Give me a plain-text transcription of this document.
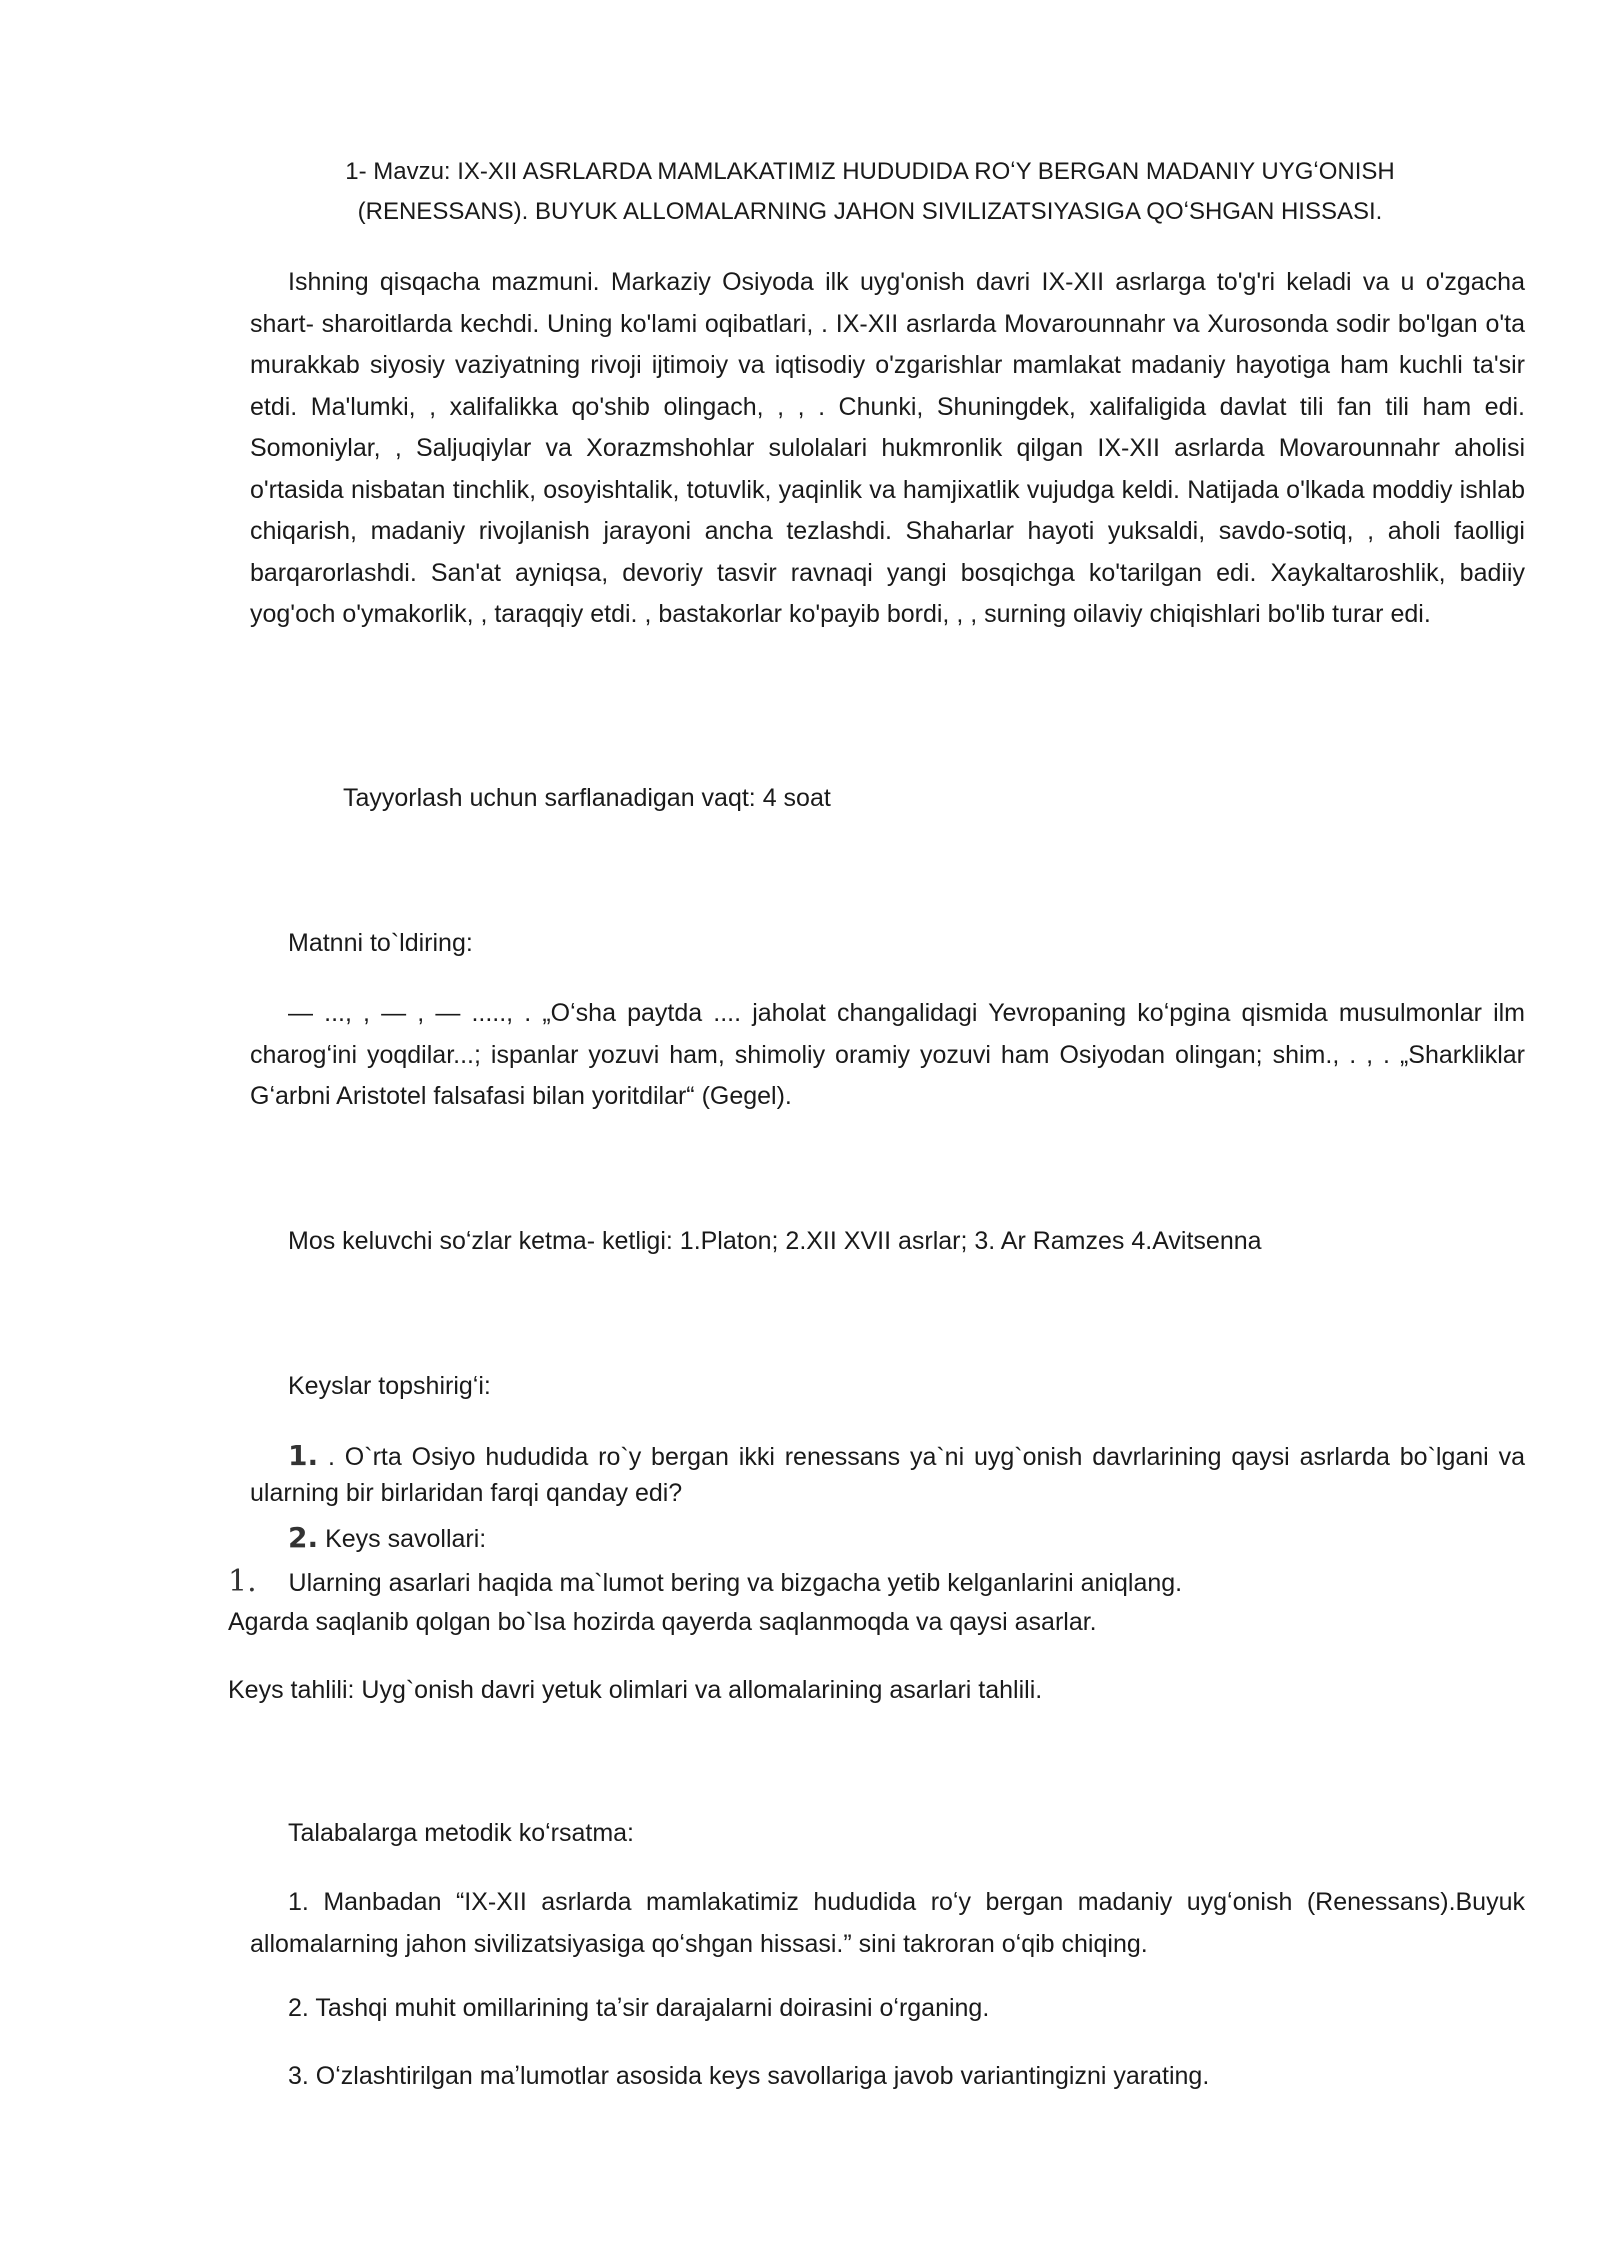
1- Mavzu: IX-XII ASRLARDA MAMLAKATIMIZ HUDUDIDA ROʻY BERGAN MADANIY UYGʻONISH
(RENESSANS). BUYUK ALLOMALARNING JAHON SIVILIZATSIYASIGA QOʻSHGAN HISSASI.
Ishning qisqacha mazmuni. Markaziy Osiyoda ilk uyg'onish davri IX-XII asrlarga to'g'ri keladi va u o'zgacha shart- sharoitlarda kechdi. Uning ko'lami oqibatlari, . IX-XII asrlarda Movarounnahr va Xurosonda sodir bo'lgan o'ta murakkab siyosiy vaziyatning rivoji ijtimoiy va iqtisodiy o'zgarishlar mamlakat madaniy hayotiga ham kuchli ta'sir etdi. Ma'lumki, , xalifalikka qo'shib olingach, , , . Chunki, Shuningdek, xalifaligida davlat tili fan tili ham edi. Somoniylar, , Saljuqiylar va Xorazmshohlar sulolalari hukmronlik qilgan IX-XII asrlarda Movarounnahr aholisi o'rtasida nisbatan tinchlik, osoyishtalik, totuvlik, yaqinlik va hamjixatlik vujudga keldi. Natijada o'lkada moddiy ishlab chiqarish, madaniy rivojlanish jarayoni ancha tezlashdi. Shaharlar hayoti yuksaldi, savdo-sotiq, , aholi faolligi barqarorlashdi. San'at ayniqsa, devoriy tasvir ravnaqi yangi bosqichga ko'tarilgan edi. Xaykaltaroshlik, badiiy yog'och o'ymakorlik, , taraqqiy etdi. , bastakorlar ko'payib bordi, , , surning oilaviy chiqishlari bo'lib turar edi.
Tayyorlash uchun sarflanadigan vaqt: 4 soat
Matnni to`ldiring:
— ..., , — , — ....., . „Oʻsha paytda .... jaholat changalidagi Yevropaning koʻpgina qismida musulmonlar ilm charogʻini yoqdilar...; ispanlar yozuvi ham, shimoliy oramiy yozuvi ham Osiyodan olingan; shim., . , . „Sharkliklar Gʻarbni Aristotel falsafasi bilan yoritdilar“ (Gegel).
Mos keluvchi soʻzlar ketma- ketligi: 1.Platon; 2.XII XVII asrlar; 3. Ar Ramzes 4.Avitsenna
Keyslar topshirigʻi:
1. . O`rta Osiyo hududida ro`y bergan ikki renessans ya`ni uyg`onish davrlarining qaysi asrlarda bo`lgani va ularning bir birlaridan farqi qanday edi?
2. Keys savollari:
1. Ularning asarlari haqida ma`lumot bering va bizgacha yetib kelganlarini aniqlang.
Agarda saqlanib qolgan bo`lsa hozirda qayerda saqlanmoqda va qaysi asarlar.
Keys tahlili: Uyg`onish davri yetuk olimlari va allomalarining asarlari tahlili.
Talabalarga metodik koʻrsatma:
1. Manbadan “IX-XII asrlarda mamlakatimiz hududida roʻy bergan madaniy uygʻonish (Renessans).Buyuk allomalarning jahon sivilizatsiyasiga qoʻshgan hissasi.” sini takroran oʻqib chiqing.
2. Tashqi muhit omillarining taʼsir darajalarni doirasini oʻrganing.
3. Oʻzlashtirilgan maʼlumotlar asosida keys savollariga javob variantingizni yarating.
